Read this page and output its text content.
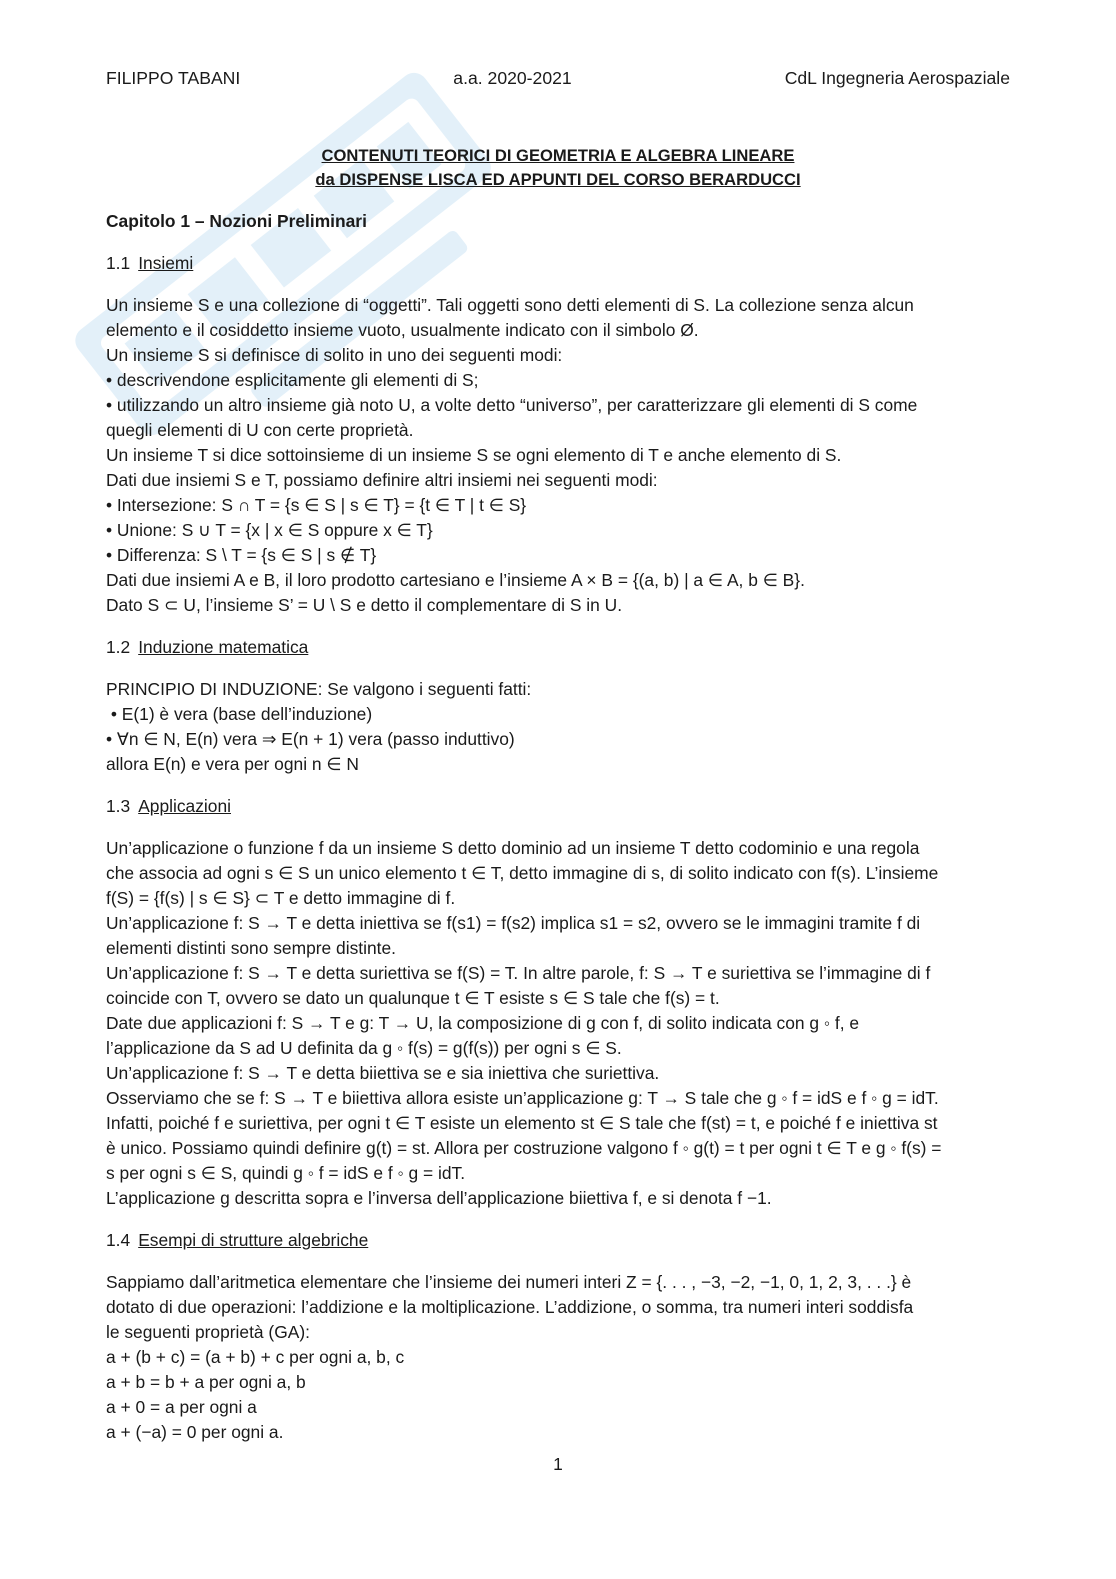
FILIPPO TABANI	a.a. 2020-2021	CdL Ingegneria Aerospaziale
CONTENUTI TEORICI DI GEOMETRIA E ALGEBRA LINEARE
da DISPENSE LISCA ED APPUNTI DEL CORSO BERARDUCCI
Capitolo 1 – Nozioni Preliminari
1.1 Insiemi
Un insieme S e una collezione di “oggetti”. Tali oggetti sono detti elementi di S. La collezione senza alcun
elemento e il cosiddetto insieme vuoto, usualmente indicato con il simbolo Ø.
Un insieme S si definisce di solito in uno dei seguenti modi:
• descrivendone esplicitamente gli elementi di S;
• utilizzando un altro insieme già noto U, a volte detto “universo”, per caratterizzare gli elementi di S come
quegli elementi di U con certe proprietà.
Un insieme T si dice sottoinsieme di un insieme S se ogni elemento di T e anche elemento di S.
Dati due insiemi S e T, possiamo definire altri insiemi nei seguenti modi:
• Intersezione: S ∩ T = {s ∈ S | s ∈ T} = {t ∈ T | t ∈ S}
• Unione: S ∪ T = {x | x ∈ S oppure x ∈ T}
• Differenza: S \ T = {s ∈ S | s ∉ T}
Dati due insiemi A e B, il loro prodotto cartesiano e l’insieme A × B = {(a, b) | a ∈ A, b ∈ B}.
Dato S ⊂ U, l’insieme S’ = U \ S e detto il complementare di S in U.
1.2 Induzione matematica
PRINCIPIO DI INDUZIONE: Se valgono i seguenti fatti:
• E(1) è vera (base dell’induzione)
• ∀n ∈ N, E(n) vera ⇒ E(n + 1) vera (passo induttivo)
allora E(n) e vera per ogni n ∈ N
1.3 Applicazioni
Un’applicazione o funzione f da un insieme S detto dominio ad un insieme T detto codominio e una regola
che associa ad ogni s ∈ S un unico elemento t ∈ T, detto immagine di s, di solito indicato con f(s). L’insieme
f(S) = {f(s) | s ∈ S} ⊂ T e detto immagine di f.
Un’applicazione f: S → T e detta iniettiva se f(s1) = f(s2) implica s1 = s2, ovvero se le immagini tramite f di
elementi distinti sono sempre distinte.
Un’applicazione f: S → T e detta suriettiva se f(S) = T. In altre parole, f: S → T e suriettiva se l’immagine di f
coincide con T, ovvero se dato un qualunque t ∈ T esiste s ∈ S tale che f(s) = t.
Date due applicazioni f: S → T e g: T → U, la composizione di g con f, di solito indicata con g ◦ f, e
l’applicazione da S ad U definita da g ◦ f(s) = g(f(s)) per ogni s ∈ S.
Un’applicazione f: S → T e detta biiettiva se e sia iniettiva che suriettiva.
Osserviamo che se f: S → T e biiettiva allora esiste un’applicazione g: T → S tale che g ◦ f = idS e f ◦ g = idT.
Infatti, poiché f e suriettiva, per ogni t ∈ T esiste un elemento st ∈ S tale che f(st) = t, e poiché f e iniettiva st
è unico. Possiamo quindi definire g(t) = st. Allora per costruzione valgono f ◦ g(t) = t per ogni t ∈ T e g ◦ f(s) =
s per ogni s ∈ S, quindi g ◦ f = idS e f ◦ g = idT.
L’applicazione g descritta sopra e l’inversa dell’applicazione biiettiva f, e si denota f −1.
1.4 Esempi di strutture algebriche
Sappiamo dall’aritmetica elementare che l’insieme dei numeri interi Z = {. . . , −3, −2, −1, 0, 1, 2, 3, . . .} è
dotato di due operazioni: l’addizione e la moltiplicazione. L’addizione, o somma, tra numeri interi soddisfa
le seguenti proprietà (GA):
a + (b + c) = (a + b) + c per ogni a, b, c
a + b = b + a per ogni a, b
a + 0 = a per ogni a
a + (−a) = 0 per ogni a.
1
